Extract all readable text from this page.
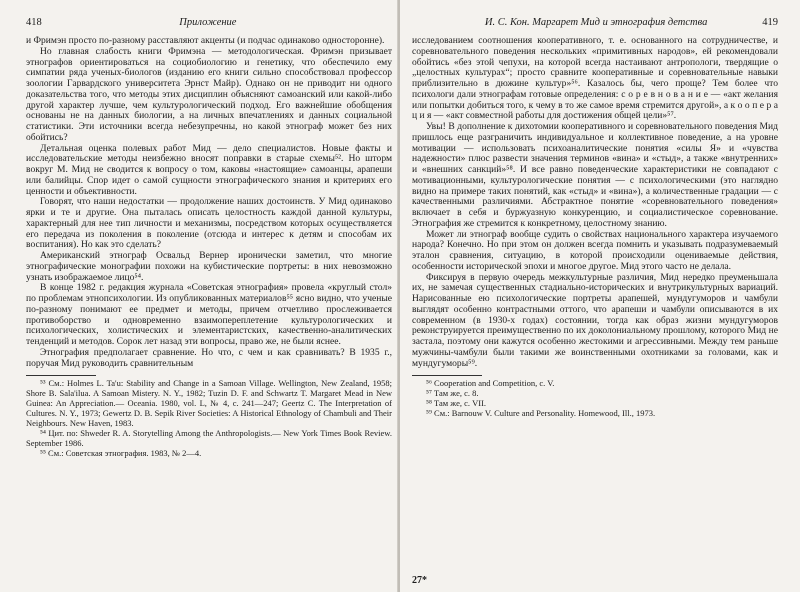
418	Приложение

и Фримэн просто по-разному расставляют акценты (и подчас одинаково односторонне).

Но главная слабость книги Фримэна — методологическая. Фримэн призывает этнографов ориентироваться на социобиологию и генетику, что обеспечило ему симпатии ряда ученых-биологов (изданию его книги сильно способствовал профессор зоологии Гарвардского университета Эрнст Майр). Однако он не приводит ни одного доказательства того, что методы этих дисциплин объясняют самоанский или какой-либо другой характер лучше, чем культурологический подход. Его важнейшие обобщения основаны не на данных биологии, а на личных впечатлениях и данных социальной статистики. Эти источники всегда небезупречны, но какой этнограф может без них обойтись?

Детальная оценка полевых работ Мид — дело специалистов. Новые факты и исследовательские методы неизбежно вносят поправки в старые схемы⁵². Но шторм вокруг М. Мид не сводится к вопросу о том, каковы «настоящие» самоанцы, арапеши или балийцы. Спор идет о самой сущности этнографического знания и критериях его ценности и объективности.

Говорят, что наши недостатки — продолжение наших достоинств. У Мид одинаково ярки и те и другие. Она пыталась описать целостность каждой данной культуры, характерный для нее тип личности и механизмы, посредством которых осуществляется его передача из поколения в поколение (отсюда и интерес к детям и способам их воспитания). Но как это сделать?

Американский этнограф Освальд Вернер иронически заметил, что многие этнографические монографии похожи на кубистические портреты: в них невозможно узнать изображаемое лицо⁵⁴.

В конце 1982 г. редакция журнала «Советская этнография» провела «круглый стол» по проблемам этнопсихологии. Из опубликованных материалов⁵⁵ ясно видно, что ученые по-разному понимают ее предмет и методы, причем отчетливо прослеживается противоборство и одновременно взаимопереплетение культурологических и психологических, холистических и элементаристских, качественно-аналитических тенденций и методов. Сорок лет назад эти вопросы, право же, не были яснее.

Этнография предполагает сравнение. Но что, с чем и как сравнивать? В 1935 г., поручая Мид руководить сравнительным

⁵³ См.: Holmes L. Ta'u: Stability and Change in a Samoan Village. Wellington, New Zealand, 1958; Shore B. Sala'ilua. A Samoan Mistery. N. Y., 1982; Tuzin D. F. and Schwartz T. Margaret Mead in New Guinea: An Appreciation.— Oceania. 1980, vol. L, № 4, c. 241—247; Geertz C. The Interpretation of Cultures. N. Y., 1973; Gewertz D. B. Sepik River Societies: A Historical Ethnology of Chambuli and Their Neighbours. New Haven, 1983.

⁵⁴ Цит. по: Shweder R. A. Storytelling Among the Anthropologists.— New York Times Book Review. September 1986.

⁵⁵ См.: Советская этнография. 1983, № 2—4.

И. С. Кон. Маргарет Мид и этнография детства	419

исследованием соотношения кооперативного, т. е. основанного на сотрудничестве, и соревновательного поведения нескольких «примитивных народов», ей рекомендовали обойтись «без этой чепухи, на которой всегда настаивают антропологи, твердящие о „целостных культурах“; просто сравните кооперативные и соревновательные навыки приблизительно в дюжине культур»⁵⁶. Казалось бы, чего проще? Тем более что психологи дали этнографам готовые определения: с о р е в н о в а н и е — «акт желания или попытки добиться того, к чему в то же самое время стремится другой», а к о о п е р а ц и я — «акт совместной работы для достижения общей цели»⁵⁷.

Увы! В дополнение к дихотомии кооперативного и соревновательного поведения Мид пришлось еще разграничить индивидуальное и коллективное поведение, а на уровне мотивации — использовать психоаналитические понятия «силы Я» и «чувства надежности» плюс развести значения терминов «вина» и «стыд», а также «внутренних» и «внешних санкций»⁵⁸. И все равно поведенческие характеристики не совпадают с мотивационными, культурологические понятия — с психологическими (это наглядно видно на примере таких понятий, как «стыд» и «вина»), а количественные градации — с качественными различиями. Абстрактное понятие «соревновательного поведения» включает в себя и буржуазную конкуренцию, и социалистическое соревнование. Этнография же стремится к конкретному, целостному знанию.

Может ли этнограф вообще судить о свойствах национального характера изучаемого народа? Конечно. Но при этом он должен всегда помнить и указывать подразумеваемый эталон сравнения, ситуацию, в которой происходили оцениваемые действия, особенности исторической эпохи и многое другое. Мид этого часто не делала.

Фиксируя в первую очередь межкультурные различия, Мид нередко преуменьшала их, не замечая существенных стадиально-исторических и внутрикультурных вариаций. Нарисованные ею психологические портреты арапешей, мундугуморов и чамбули выглядят особенно контрастными оттого, что арапеши и чамбули описываются в их современном (в 1930-х годах) состоянии, тогда как образ жизни мундугуморов реконструируется преимущественно по их доколониальному прошлому, которого Мид не застала, поэтому они кажутся особенно жестокими и агрессивными. Между тем раньше мужчины-чамбули были такими же воинственными охотниками за головами, как и мундугуморы⁵⁹.

⁵⁶ Cooperation and Competition, c. V.

⁵⁷ Там же, с. 8.

⁵⁸ Там же, с. VII.

⁵⁹ См.: Barnouw V. Culture and Personality. Homewood, Ill., 1973.

27*
